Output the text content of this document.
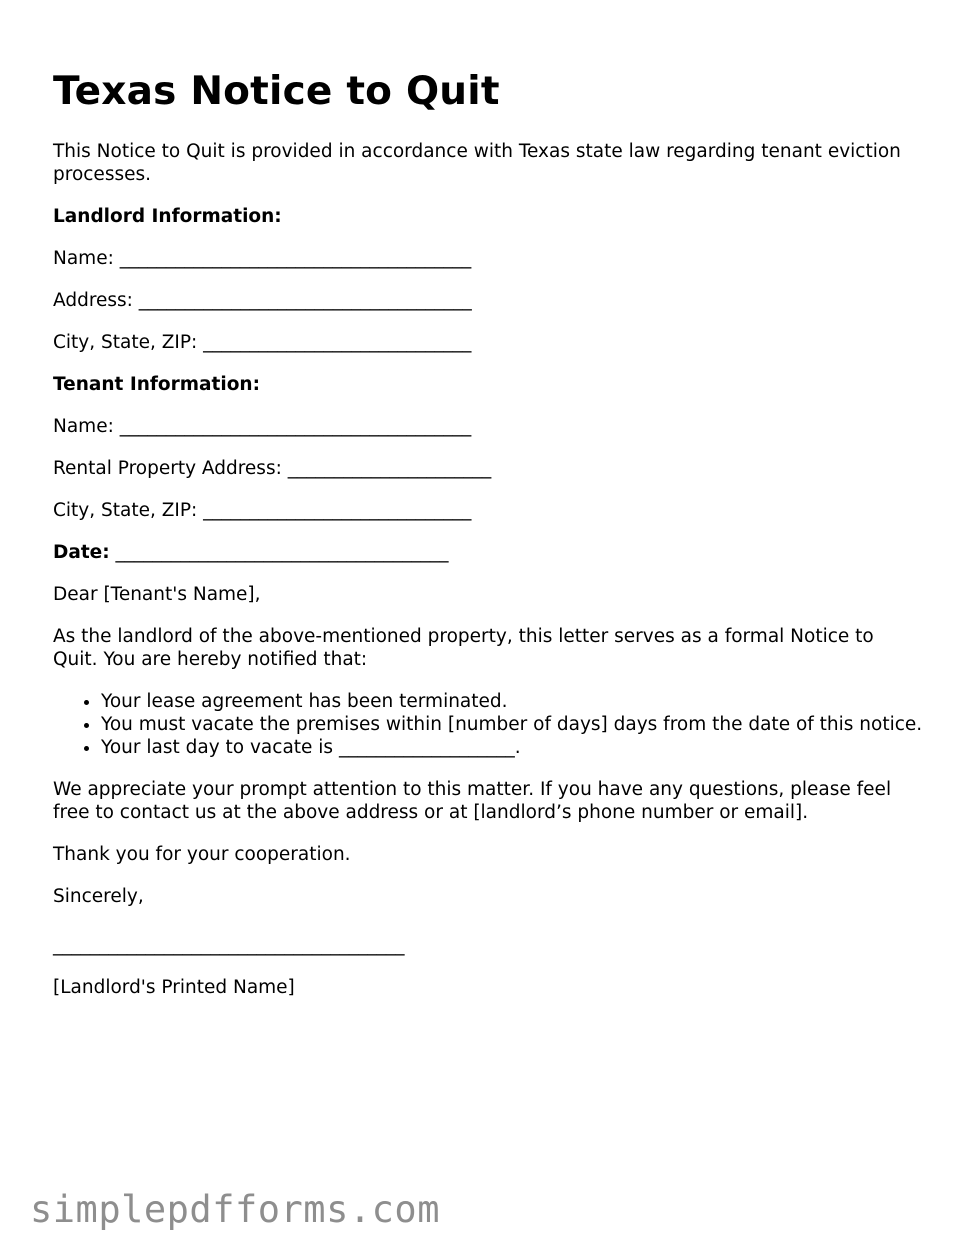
Texas Notice to Quit

This Notice to Quit is provided in accordance with Texas state law regarding tenant eviction processes.

Landlord Information:

Name: ______________________________________

Address: ____________________________________

City, State, ZIP: _____________________________

Tenant Information:

Name: ______________________________________

Rental Property Address: ______________________

City, State, ZIP: _____________________________

Date: ____________________________________

Dear [Tenant's Name],

As the landlord of the above-mentioned property, this letter serves as a formal Notice to Quit. You are hereby notified that:

• Your lease agreement has been terminated.
• You must vacate the premises within [number of days] days from the date of this notice.
• Your last day to vacate is ___________________.

We appreciate your prompt attention to this matter. If you have any questions, please feel free to contact us at the above address or at [landlord’s phone number or email].

Thank you for your cooperation.

Sincerely,

______________________________________

[Landlord's Printed Name]

simplepdfforms.com
